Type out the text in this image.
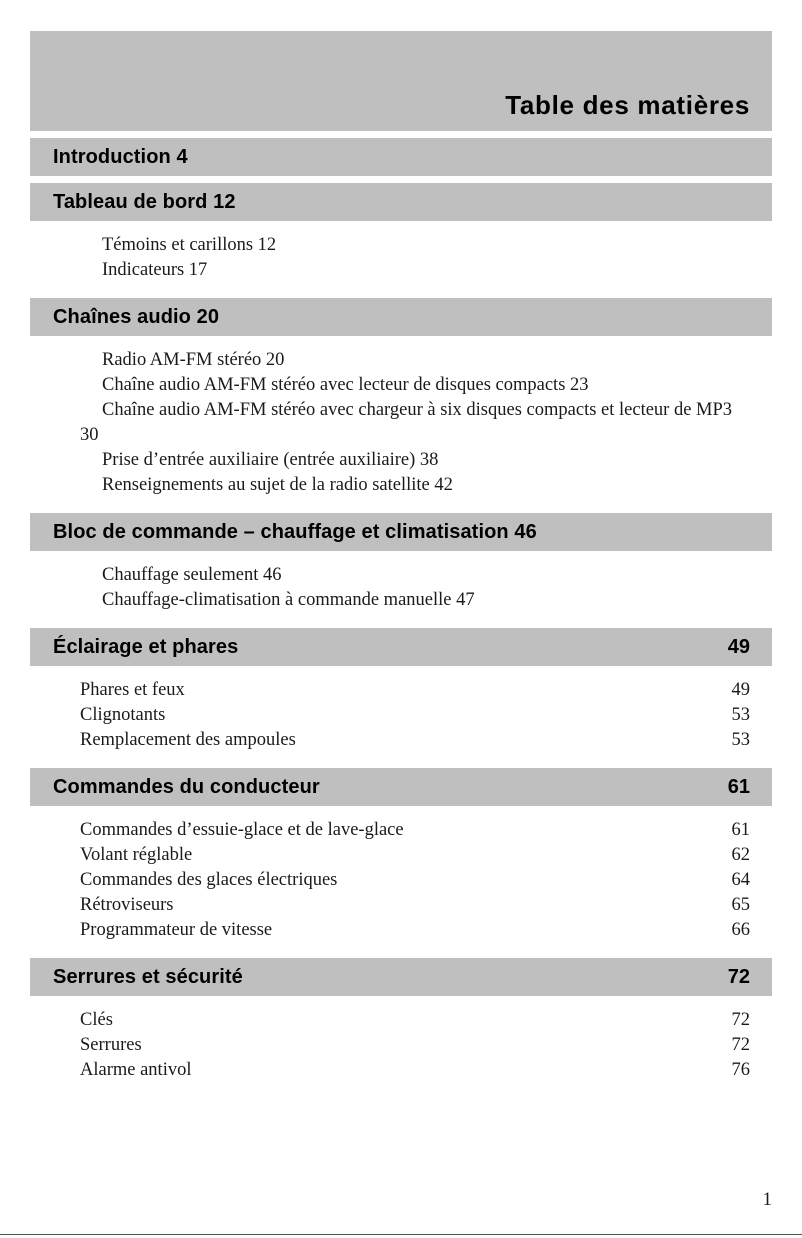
Table des matières
Introduction 4
Tableau de bord 12
Témoins et carillons 12
Indicateurs 17
Chaînes audio 20
Radio AM-FM stéréo 20
Chaîne audio AM-FM stéréo avec lecteur de disques compacts 23
Chaîne audio AM-FM stéréo avec chargeur à six disques compacts et lecteur de MP3 30
Prise d’entrée auxiliaire (entrée auxiliaire) 38
Renseignements au sujet de la radio satellite 42
Bloc de commande – chauffage et climatisation 46
Chauffage seulement 46
Chauffage-climatisation à commande manuelle 47
Éclairage et phares	49
Phares et feux	49
Clignotants	53
Remplacement des ampoules	53
Commandes du conducteur	61
Commandes d’essuie-glace et de lave-glace	61
Volant réglable	62
Commandes des glaces électriques	64
Rétroviseurs	65
Programmateur de vitesse	66
Serrures et sécurité	72
Clés	72
Serrures	72
Alarme antivol	76
1
